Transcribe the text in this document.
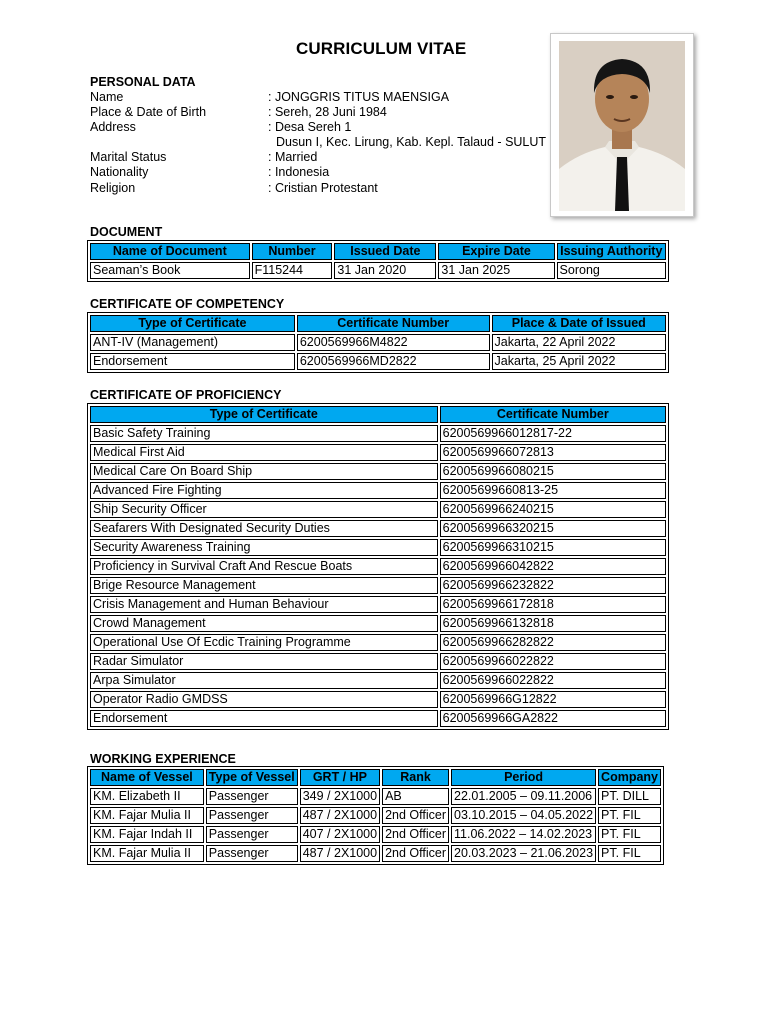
CURRICULUM VITAE
PERSONAL DATA
Name	: JONGGRIS TITUS MAENSIGA
Place & Date of Birth	: Sereh, 28 Juni 1984
Address	: Desa Sereh 1
Dusun I, Kec. Lirung, Kab. Kepl. Talaud - SULUT
Marital Status	: Married
Nationality	: Indonesia
Religion	: Cristian Protestant
DOCUMENT
Name of Document	Number	Issued Date	Expire Date	Issuing Authority
Seaman’s Book	F115244	31 Jan 2020	31 Jan 2025	Sorong
CERTIFICATE OF COMPETENCY
Type of Certificate	Certificate Number	Place & Date of Issued
ANT-IV (Management)	6200569966M4822	Jakarta, 22 April 2022
Endorsement	6200569966MD2822	Jakarta, 25 April 2022
CERTIFICATE OF PROFICIENCY
Type of Certificate	Certificate Number
Basic Safety Training	6200569966012817-22
Medical First Aid	6200569966072813
Medical Care On Board Ship	6200569966080215
Advanced Fire Fighting	62005699660813-25
Ship Security Officer	6200569966240215
Seafarers With Designated Security Duties	6200569966320215
Security Awareness Training	6200569966310215
Proficiency in Survival Craft And Rescue Boats	6200569966042822
Brige Resource Management	6200569966232822
Crisis Management and Human Behaviour	6200569966172818
Crowd Management	6200569966132818
Operational Use Of Ecdic Training Programme	6200569966282822
Radar Simulator	6200569966022822
Arpa Simulator	6200569966022822
Operator Radio GMDSS	6200569966G12822
Endorsement	6200569966GA2822
WORKING EXPERIENCE
Name of Vessel	Type of Vessel	GRT / HP	Rank	Period	Company
KM. Elizabeth II	Passenger	349 / 2X1000	AB	22.01.2005 – 09.11.2006	PT. DILL
KM. Fajar Mulia II	Passenger	487 / 2X1000	2nd Officer	03.10.2015 – 04.05.2022	PT. FIL
KM. Fajar Indah II	Passenger	407 / 2X1000	2nd Officer	11.06.2022 – 14.02.2023	PT. FIL
KM. Fajar Mulia II	Passenger	487 / 2X1000	2nd Officer	20.03.2023 – 21.06.2023	PT. FIL
